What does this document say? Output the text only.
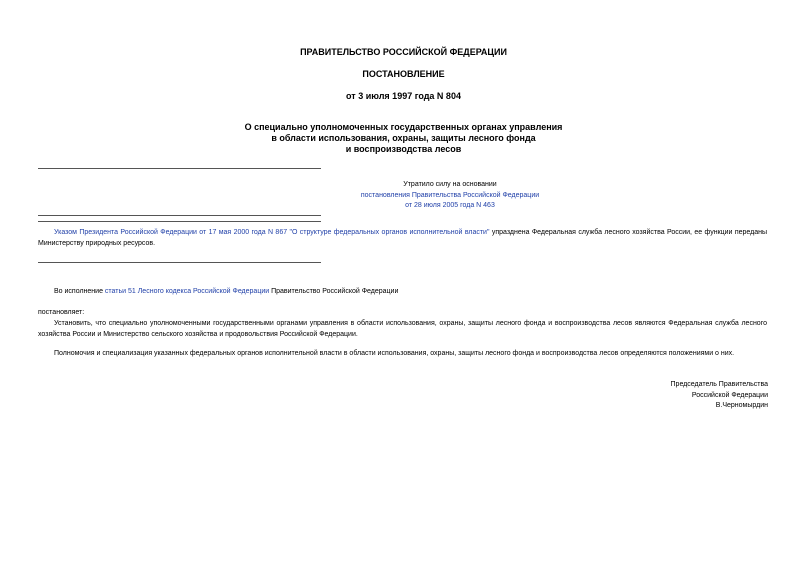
ПРАВИТЕЛЬСТВО РОССИЙСКОЙ ФЕДЕРАЦИИ
ПОСТАНОВЛЕНИЕ
от 3 июля 1997 года N 804
О специально уполномоченных государственных органах управления
в области использования, охраны, защиты лесного фонда
и воспроизводства лесов
Утратило силу на основании
постановления Правительства Российской Федерации
от 28 июля 2005 года N 463
Указом Президента Российской Федерации от 17 мая 2000 года N 867 "О структуре федеральных органов исполнительной власти" упразднена Федеральная служба лесного хозяйства России, ее функции переданы Министерству природных ресурсов.
Во исполнение статьи 51 Лесного кодекса Российской Федерации Правительство Российской Федерации
постановляет:
Установить, что специально уполномоченными государственными органами управления в области использования, охраны, защиты лесного фонда и воспроизводства лесов являются Федеральная служба лесного хозяйства России и Министерство сельского хозяйства и продовольствия Российской Федерации.
Полномочия и специализация указанных федеральных органов исполнительной власти в области использования, охраны, защиты лесного фонда и воспроизводства лесов определяются положениями о них.
Председатель Правительства
Российской Федерации
В.Черномырдин
